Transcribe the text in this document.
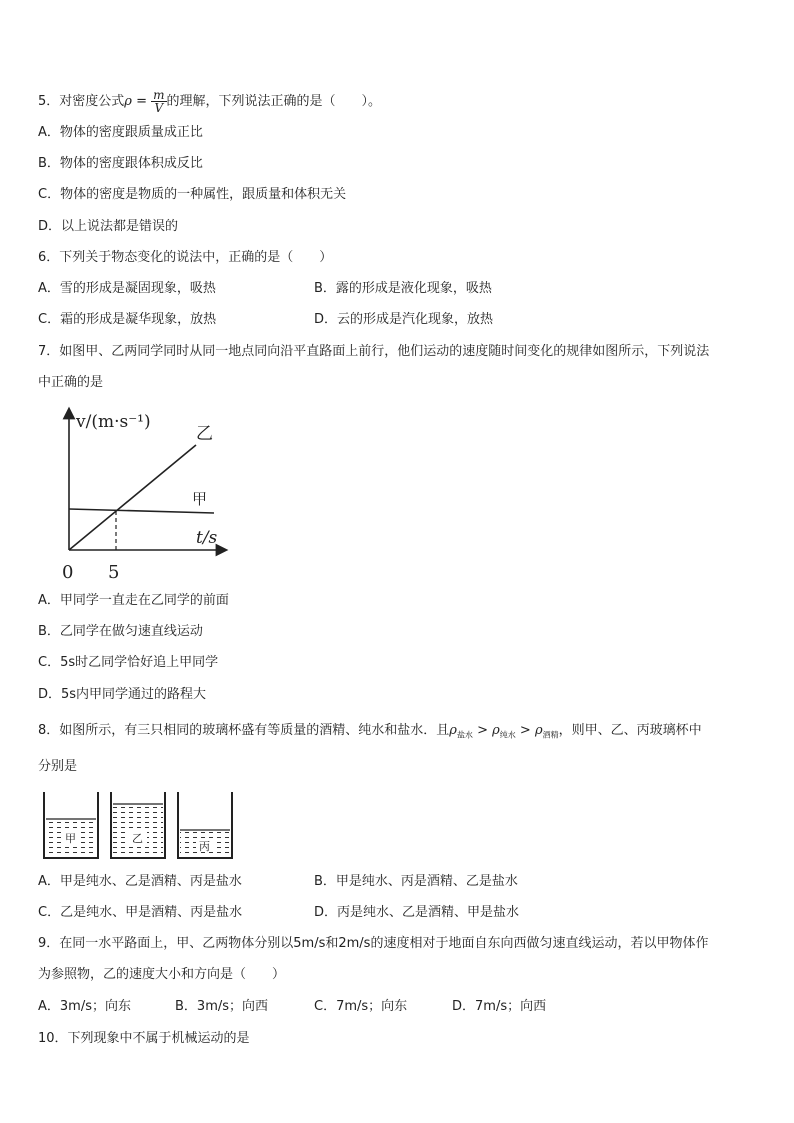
5．对密度公式$\rho = \frac{m}{V}$ 的理解，下列说法正确的是（　　）。
A．物体的密度跟质量成正比
B．物体的密度跟体积成反比
C．物体的密度是物质的一种属性，跟质量和体积无关
D．以上说法都是错误的
6．下列关于物态变化的说法中，正确的是（　　）
A．雪的形成是凝固现象，吸热	B．露的形成是液化现象，吸热
C．霜的形成是凝华现象，放热	D．云的形成是汽化现象，放热
7．如图甲、乙两同学同时从同一地点同向沿平直路面上前行，他们运动的速度随时间变化的规律如图所示，下列说法
中正确的是
v/(m·s⁻¹)
t/s
0 5
甲
乙
A．甲同学一直走在乙同学的前面
B．乙同学在做匀速直线运动
C．5s时乙同学恰好追上甲同学
D．5s内甲同学通过的路程大
8．如图所示，有三只相同的玻璃杯盛有等质量的酒精、纯水和盐水．且$\rho_{盐水} > \rho_{纯水} > \rho_{酒精}$，则甲、乙、丙玻璃杯中
分别是
甲	乙
丙
A．甲是纯水、乙是酒精、丙是盐水	B．甲是纯水、丙是酒精、乙是盐水
C．乙是纯水、甲是酒精、丙是盐水	D．丙是纯水、乙是酒精、甲是盐水
9．在同一水平路面上，甲、乙两物体分别以5m/s和2m/s的速度相对于地面自东向西做匀速直线运动，若以甲物体作
为参照物，乙的速度大小和方向是（　　）
A．3m/s；向东	B．3m/s；向西	C．7m/s；向东	D．7m/s；向西
10．下列现象中不属于机械运动的是
